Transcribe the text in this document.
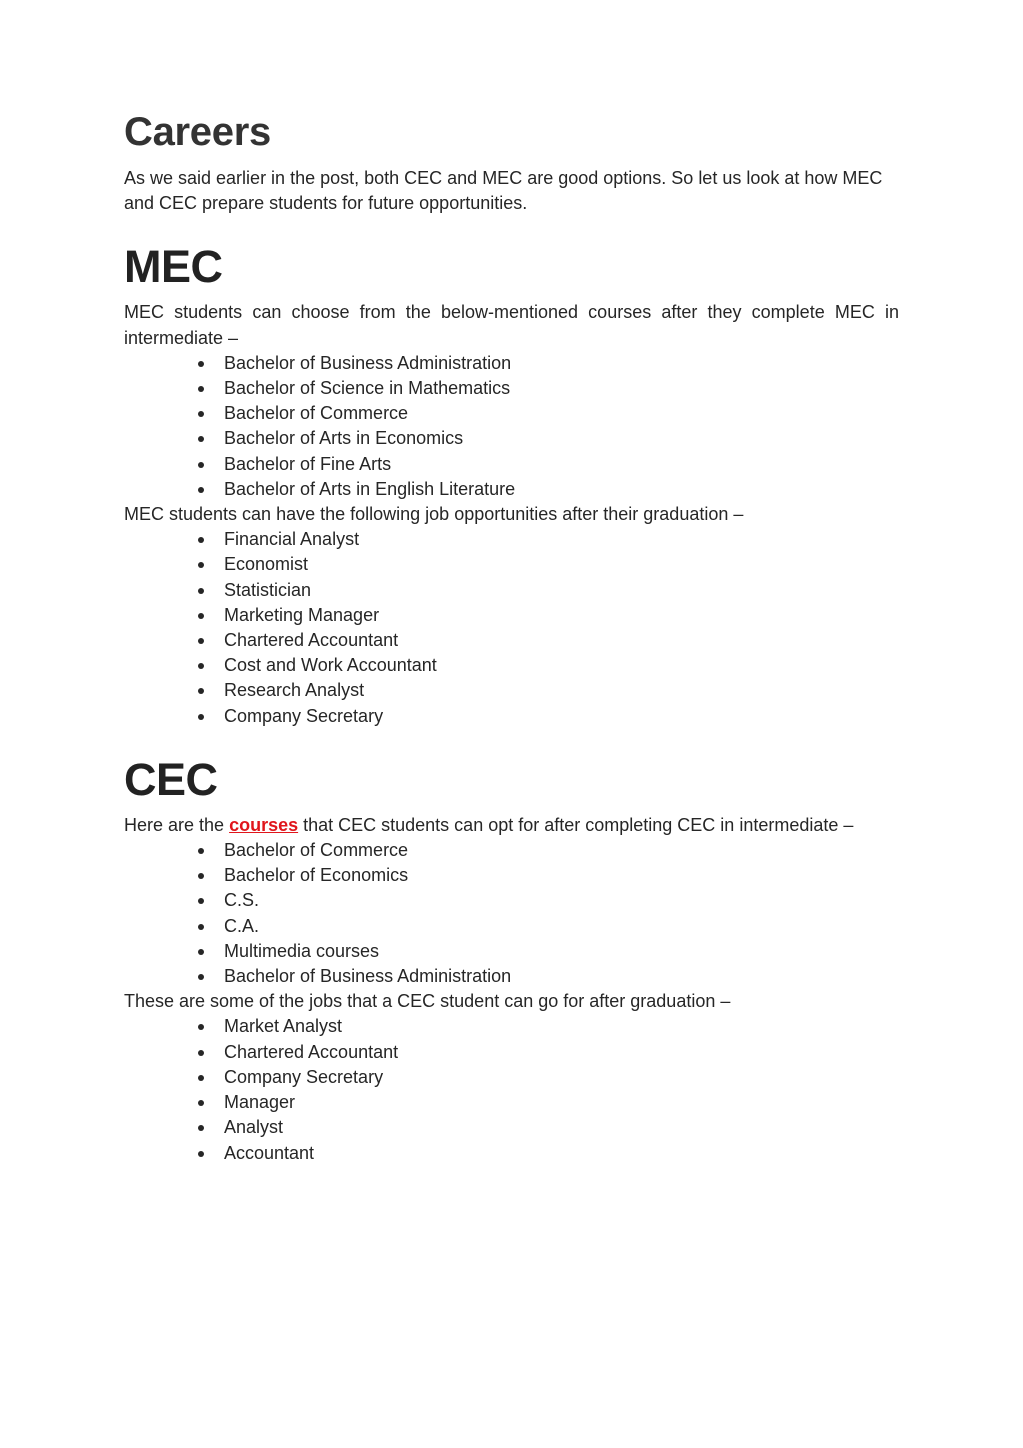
Careers

As we said earlier in the post, both CEC and MEC are good options. So let us look at how MEC and CEC prepare students for future opportunities.

MEC

MEC students can choose from the below-mentioned courses after they complete MEC in intermediate –

Bachelor of Business Administration
Bachelor of Science in Mathematics
Bachelor of Commerce
Bachelor of Arts in Economics
Bachelor of Fine Arts
Bachelor of Arts in English Literature

MEC students can have the following job opportunities after their graduation –

Financial Analyst
Economist
Statistician
Marketing Manager
Chartered Accountant
Cost and Work Accountant
Research Analyst
Company Secretary
CEC

Here are the courses that CEC students can opt for after completing CEC in intermediate –

Bachelor of Commerce
Bachelor of Economics
C.S.
C.A.
Multimedia courses
Bachelor of Business Administration

These are some of the jobs that a CEC student can go for after graduation –

Market Analyst
Chartered Accountant
Company Secretary
Manager
Analyst
Accountant
